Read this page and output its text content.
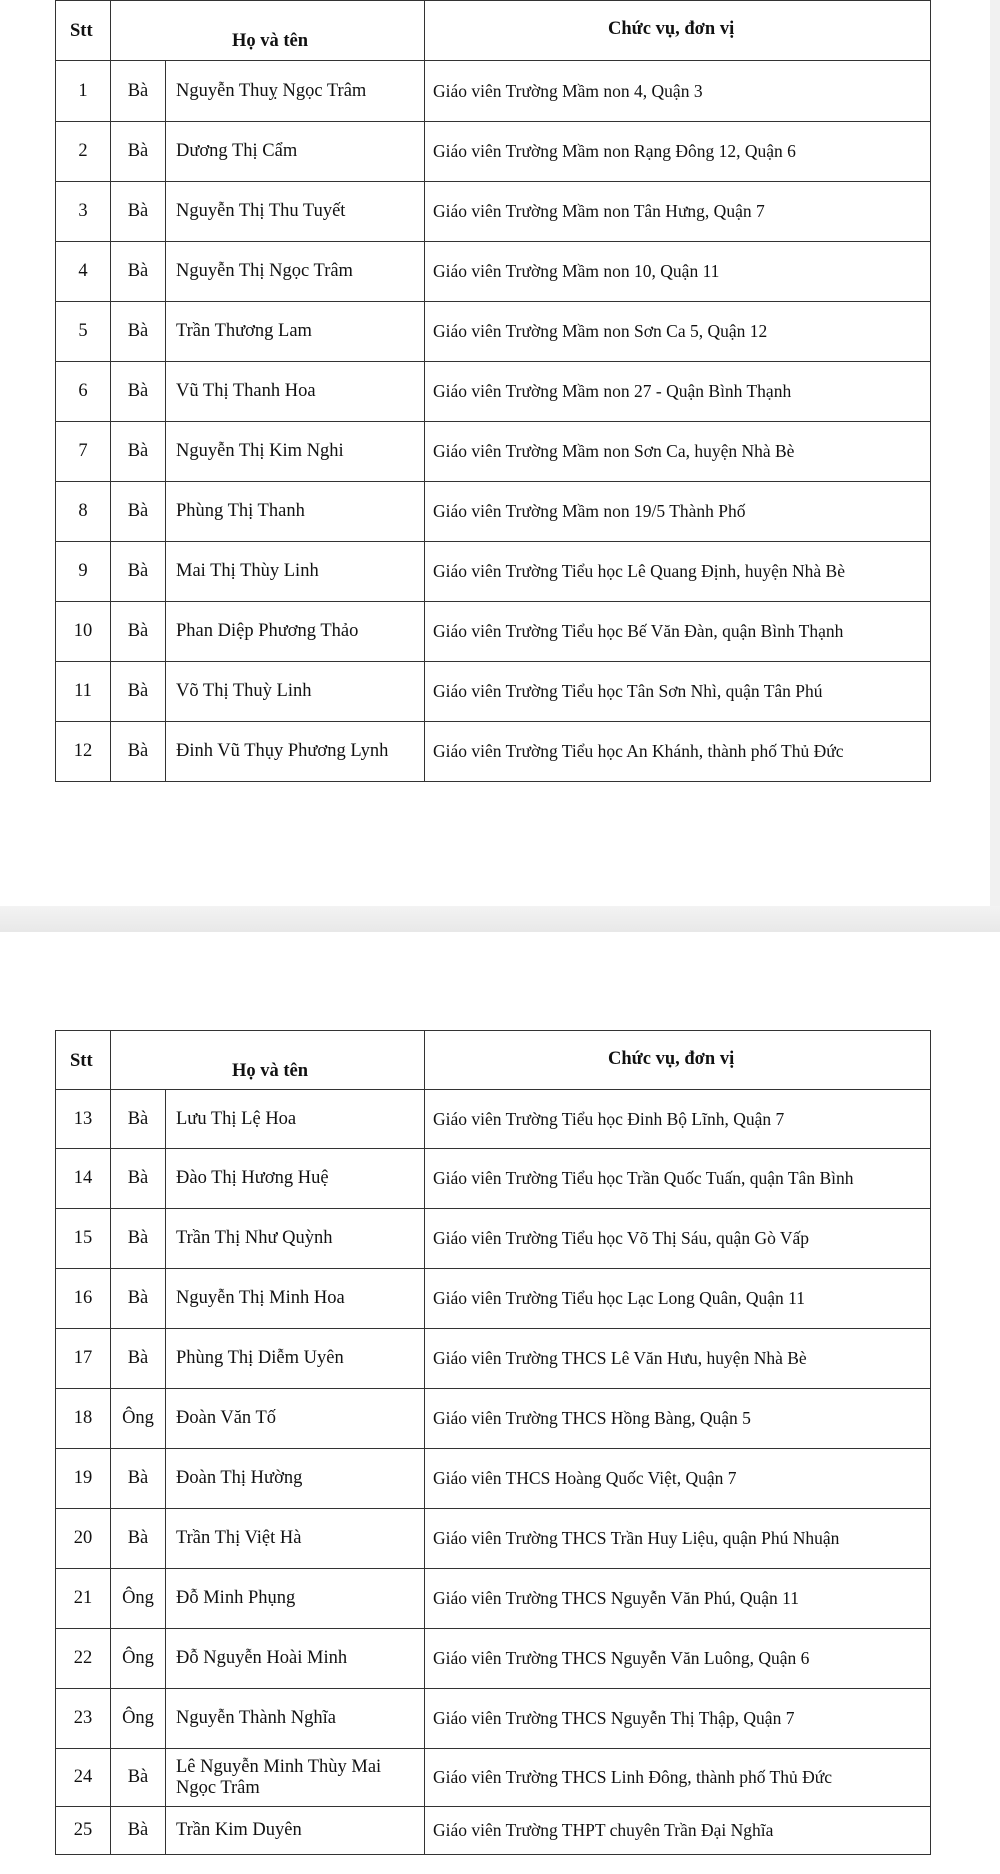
Stt	Họ và tên		Chức vụ, đơn vị
1	Bà	Nguyễn Thuỵ Ngọc Trâm	Giáo viên Trường Mầm non 4, Quận 3
2	Bà	Dương Thị Cẩm	Giáo viên Trường Mầm non Rạng Đông 12, Quận 6
3	Bà	Nguyễn Thị Thu Tuyết	Giáo viên Trường Mầm non Tân Hưng, Quận 7
4	Bà	Nguyễn Thị Ngọc Trâm	Giáo viên Trường Mầm non 10, Quận 11
5	Bà	Trần Thương Lam	Giáo viên Trường Mầm non Sơn Ca 5, Quận 12
6	Bà	Vũ Thị Thanh Hoa	Giáo viên Trường Mầm non 27 - Quận Bình Thạnh
7	Bà	Nguyễn Thị Kim Nghi	Giáo viên Trường Mầm non Sơn Ca, huyện Nhà Bè
8	Bà	Phùng Thị Thanh	Giáo viên Trường Mầm non 19/5 Thành Phố
9	Bà	Mai Thị Thùy Linh	Giáo viên Trường Tiểu học Lê Quang Định, huyện Nhà Bè
10	Bà	Phan Diệp Phương Thảo	Giáo viên Trường Tiểu học Bế Văn Đàn, quận Bình Thạnh
11	Bà	Võ Thị Thuỳ Linh	Giáo viên Trường Tiểu học Tân Sơn Nhì, quận Tân Phú
12	Bà	Đinh Vũ Thụy Phương Lynh	Giáo viên Trường Tiểu học An Khánh, thành phố Thủ Đức
Stt	Họ và tên		Chức vụ, đơn vị
13	Bà	Lưu Thị Lệ Hoa	Giáo viên Trường Tiểu học Đinh Bộ Lĩnh, Quận 7
14	Bà	Đào Thị Hương Huệ	Giáo viên Trường Tiểu học Trần Quốc Tuấn, quận Tân Bình
15	Bà	Trần Thị Như Quỳnh	Giáo viên Trường Tiểu học Võ Thị Sáu, quận Gò Vấp
16	Bà	Nguyễn Thị Minh Hoa	Giáo viên Trường Tiểu học Lạc Long Quân, Quận 11
17	Bà	Phùng Thị Diễm Uyên	Giáo viên Trường THCS Lê Văn Hưu, huyện Nhà Bè
18	Ông	Đoàn Văn Tố	Giáo viên Trường THCS Hồng Bàng, Quận 5
19	Bà	Đoàn Thị Hường	Giáo viên THCS Hoàng Quốc Việt, Quận 7
20	Bà	Trần Thị Việt Hà	Giáo viên Trường THCS Trần Huy Liệu, quận Phú Nhuận
21	Ông	Đỗ Minh Phụng	Giáo viên Trường THCS Nguyễn Văn Phú, Quận 11
22	Ông	Đỗ Nguyễn Hoài Minh	Giáo viên Trường THCS Nguyễn Văn Luông, Quận 6
23	Ông	Nguyễn Thành Nghĩa	Giáo viên Trường THCS Nguyễn Thị Thập, Quận 7
24	Bà	Lê Nguyễn Minh Thùy Mai Ngọc Trâm	Giáo viên Trường THCS Linh Đông, thành phố Thủ Đức
25	Bà	Trần Kim Duyên	Giáo viên Trường THPT chuyên Trần Đại Nghĩa
